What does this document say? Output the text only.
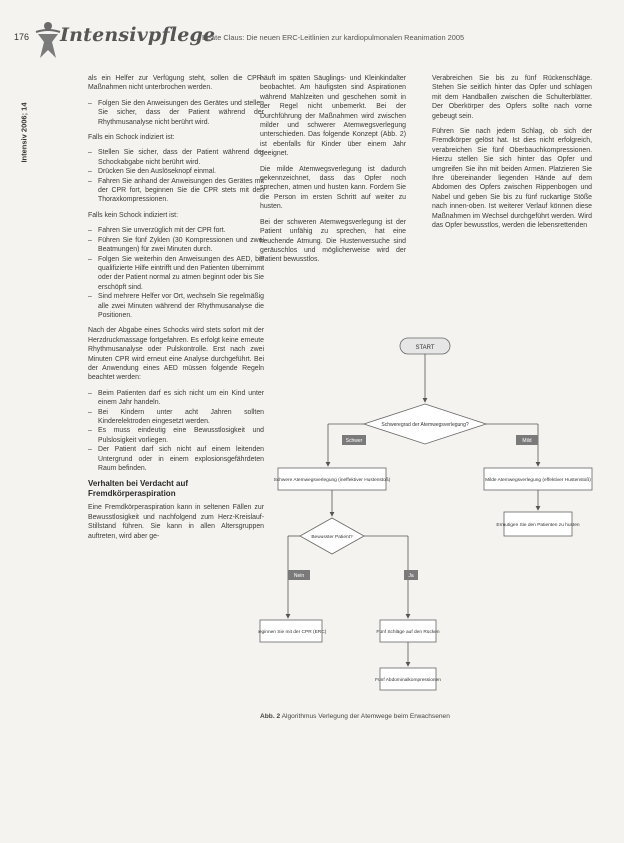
176 Intensivpflege
Beate Claus: Die neuen ERC-Leitlinien zur kardiopulmonalen Reanimation 2005
Intensiv 2006; 14

als ein Helfer zur Verfügung steht, sollen die CPR-Maßnahmen nicht unterbrochen werden.

– Folgen Sie den Anweisungen des Gerätes und stellen Sie sicher, dass der Patient während der Rhythmusanalyse nicht berührt wird.

Falls ein Schock indiziert ist:

– Stellen Sie sicher, dass der Patient während der Schockabgabe nicht berührt wird.
– Drücken Sie den Auslöseknopf einmal.
– Fahren Sie anhand der Anweisungen des Gerätes mit der CPR fort, beginnen Sie die CPR stets mit den Thoraxkompressionen.

Falls kein Schock indiziert ist:

– Fahren Sie unverzüglich mit der CPR fort.
– Führen Sie fünf Zyklen (30 Kompressionen und zwei Beatmungen) für zwei Minuten durch.
– Folgen Sie weiterhin den Anweisungen des AED, bis qualifizierte Hilfe eintrifft und den Patienten übernimmt oder der Patient normal zu atmen beginnt oder bis Sie erschöpft sind.
– Sind mehrere Helfer vor Ort, wechseln Sie regelmäßig alle zwei Minuten während der Rhythmusanalyse die Positionen.

Nach der Abgabe eines Schocks wird stets sofort mit der Herzdruckmassage fortgefahren. Es erfolgt keine erneute Rhythmusanalyse oder Pulskontrolle. Erst nach zwei Minuten CPR wird erneut eine Analyse durchgeführt. Bei der Anwendung eines AED müssen folgende Regeln beachtet werden:

– Beim Patienten darf es sich nicht um ein Kind unter einem Jahr handeln.
– Bei Kindern unter acht Jahren sollten Kinderelektroden eingesetzt werden.
– Es muss eindeutig eine Bewusstlosigkeit und Pulslosigkeit vorliegen.
– Der Patient darf sich nicht auf einem leitenden Untergrund oder in einem explosionsgefährdeten Raum befinden.
Verhalten bei Verdacht auf Fremdkörperaspiration

Eine Fremdkörperaspiration kann in seltenen Fällen zur Bewusstlosigkeit und nachfolgend zum Herz-Kreislauf-Stillstand führen. Sie kann in allen Altersgruppen auftreten, wird aber ge-

häuft im späten Säuglings- und Kleinkindalter beobachtet. Am häufigsten sind Aspirationen während Mahlzeiten und geschehen somit in der Regel nicht unbemerkt. Bei der Durchführung der Maßnahmen wird zwischen milder und schwerer Atemwegsverlegung unterschieden. Das folgende Konzept (Abb. 2) ist ebenfalls für Kinder über einem Jahr geeignet.

Die milde Atemwegsverlegung ist dadurch gekennzeichnet, dass das Opfer noch sprechen, atmen und husten kann. Fordern Sie die Person im ersten Schritt auf weiter zu husten.

Bei der schweren Atemwegsverlegung ist der Patient unfähig zu sprechen, hat eine keuchende Atmung. Die Hustenversuche sind geräuschlos und möglicherweise wird der Patient bewusstlos.

Verabreichen Sie bis zu fünf Rückenschläge. Stehen Sie seitlich hinter das Opfer und schlagen mit dem Handballen zwischen die Schulterblätter. Der Oberkörper des Opfers sollte nach vorne gebeugt sein.

Führen Sie nach jedem Schlag, ob sich der Fremdkörper gelöst hat. Ist dies nicht erfolgreich, verabreichen Sie fünf Oberbauchkompressionen. Hierzu stellen Sie sich hinter das Opfer und umgreifen Sie ihn mit beiden Armen. Platzieren Sie Ihre übereinander liegenden Hände auf dem Abdomen des Opfers zwischen Rippenbogen und Nabel und geben Sie bis zu fünf ruckartige Stöße nach innen-oben. Ist weiterer Verlauf können diese Maßnahmen im Wechsel durchgeführt werden. Wird das Opfer bewusstlos, werden die lebensrettenden

START
Schweregrad der Atemwegsverlegung?
Schwer	Mild
Schwere Atemwegsverlegung (ineffektiver Hustenstoß)	Milde Atemwegsverlegung (effektiver Hustenstoß)
Ermutigen Sie den Patienten zu husten
Bewusster Patient?
Nein	Ja
Beginnen Sie mit der CPR (ERC)	Fünf Schläge auf den Rücken
Fünf Abdominalkompressionen
Abb. 2 Algorithmus Verlegung der Atemwege beim Erwachsenen
